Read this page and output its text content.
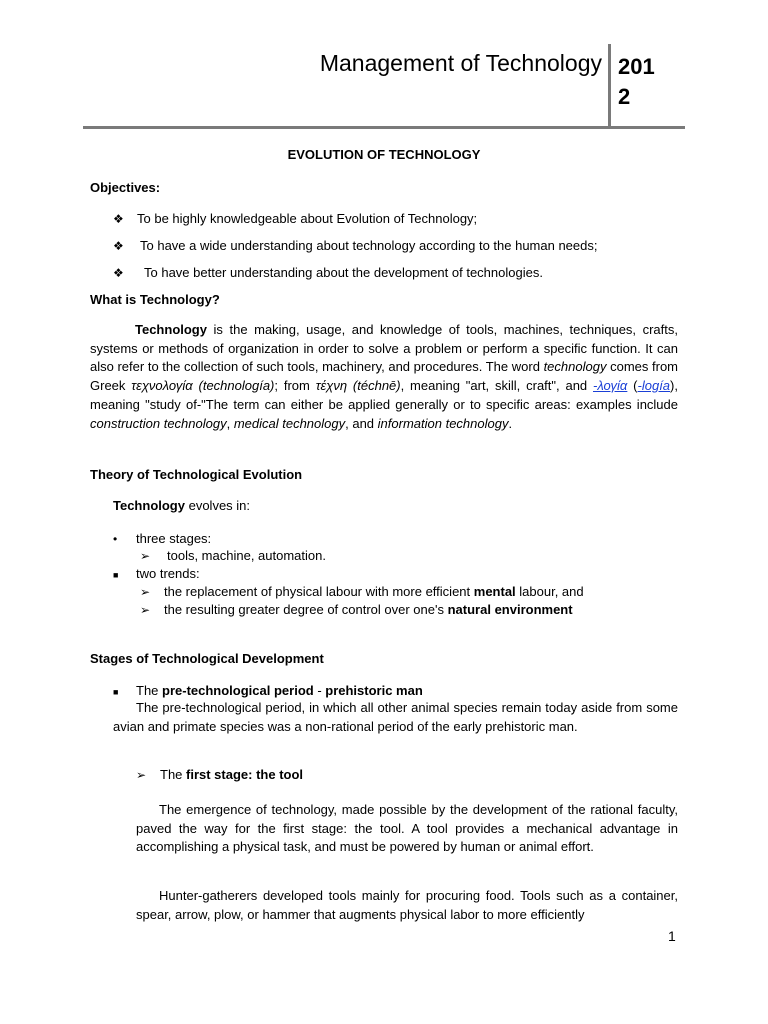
Management of Technology 201
2
EVOLUTION OF TECHNOLOGY
Objectives:
❖	To be highly knowledgeable about Evolution of Technology;
❖	To have a wide understanding about technology according to the human needs;
❖	To have better understanding about the development of technologies.
What is Technology?
Technology is the making, usage, and knowledge of tools, machines, techniques, crafts, systems or methods of organization in order to solve a problem or perform a specific function. It can also refer to the collection of such tools, machinery, and procedures. The word technology comes from Greek τεχνολογία (technología); from τέχνη (téchnē), meaning "art, skill, craft", and -λογία (-logía), meaning "study of-"The term can either be applied generally or to specific areas: examples include construction technology, medical technology, and information technology.
Theory of Technological Evolution
Technology evolves in:
•	three stages:
➢	tools, machine, automation.
■	two trends:
➢	the replacement of physical labour with more efficient mental labour, and
➢	the resulting greater degree of control over one's natural environment
Stages of Technological Development
■	The pre-technological period - prehistoric man
The pre-technological period, in which all other animal species remain today aside from some avian and primate species was a non-rational period of the early prehistoric man.
➢	The first stage: the tool
The emergence of technology, made possible by the development of the rational faculty, paved the way for the first stage: the tool. A tool provides a mechanical advantage in accomplishing a physical task, and must be powered by human or animal effort.
Hunter-gatherers developed tools mainly for procuring food. Tools such as a container, spear, arrow, plow, or hammer that augments physical labor to more efficiently
1
